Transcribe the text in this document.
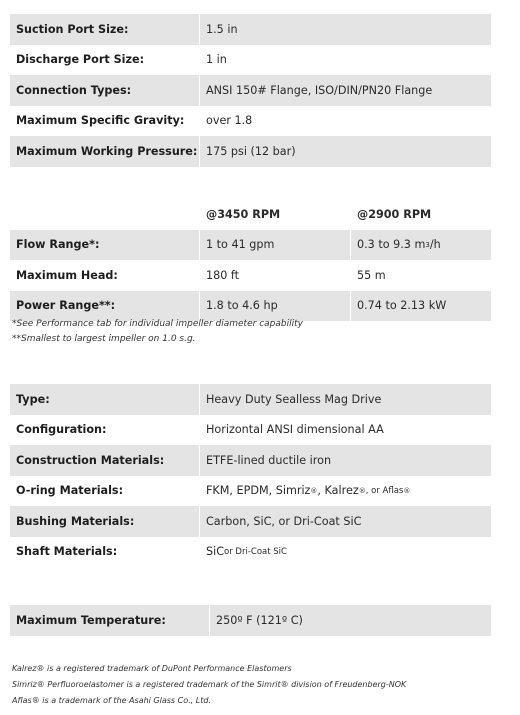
Suction Port Size:	1.5 in
Discharge Port Size:	1 in
Connection Types:	ANSI 150# Flange, ISO/DIN/PN20 Flange
Maximum Specific Gravity:	over 1.8
Maximum Working Pressure: 175 psi (12 bar)
@3450 RPM	@2900 RPM
Flow Range*:	1 to 41 gpm	0.3 to 9.3 m 3 /h
Maximum Head:	180 ft	55 m
Power Range**:	1.8 to 4.6 hp	0.74 to 2.13 kW
*See Performance tab for individual impeller diameter capability
**Smallest to largest impeller on 1.0 s.g.
Type:	Heavy Duty Sealless Mag Drive
Configuration:	Horizontal ANSI dimensional AA
Construction Materials:	ETFE-lined ductile iron
O-ring Materials:	FKM, EPDM, Simriz ® , Kalrez ® , or Aflas ®
Bushing Materials:	Carbon, SiC, or Dri-Coat SiC
Shaft Materials:	SiC or Dri-Coat SiC
Maximum Temperature:	250º F (121º C)
Kalrez® is a registered trademark of DuPont Performance Elastomers
Simriz® Perfluoroelastomer is a registered trademark of the Simrit® division of Freudenberg-NOK
Aflas® is a trademark of the Asahi Glass Co., Ltd.
